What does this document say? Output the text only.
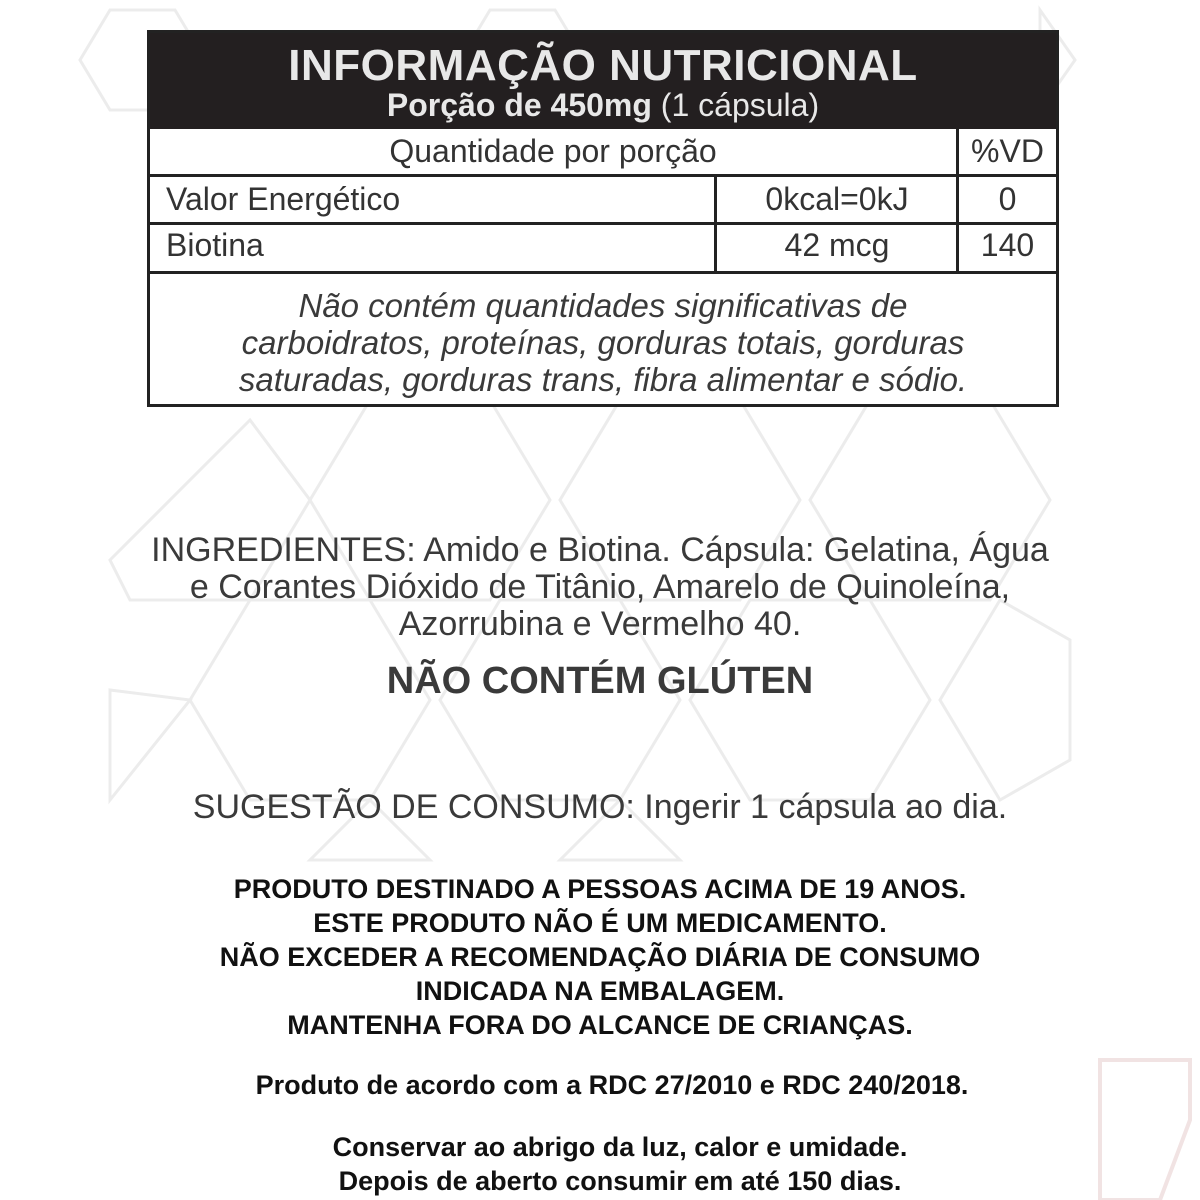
INFORMAÇÃO NUTRICIONAL
Porção de 450mg (1 cápsula)
Quantidade por porção	%VD
Valor Energético	0kcal=0kJ	0
Biotina	42 mcg	140
Não contém quantidades significativas de
carboidratos, proteínas, gorduras totais, gorduras
saturadas, gorduras trans, fibra alimentar e sódio.
INGREDIENTES: Amido e Biotina. Cápsula: Gelatina, Água
e Corantes Dióxido de Titânio, Amarelo de Quinoleína,
Azorrubina e Vermelho 40.
NÃO CONTÉM GLÚTEN
SUGESTÃO DE CONSUMO: Ingerir 1 cápsula ao dia.
PRODUTO DESTINADO A PESSOAS ACIMA DE 19 ANOS.
ESTE PRODUTO NÃO É UM MEDICAMENTO.
NÃO EXCEDER A RECOMENDAÇÃO DIÁRIA DE CONSUMO
INDICADA NA EMBALAGEM.
MANTENHA FORA DO ALCANCE DE CRIANÇAS.
Produto de acordo com a RDC 27/2010 e RDC 240/2018.
Conservar ao abrigo da luz, calor e umidade.
Depois de aberto consumir em até 150 dias.
